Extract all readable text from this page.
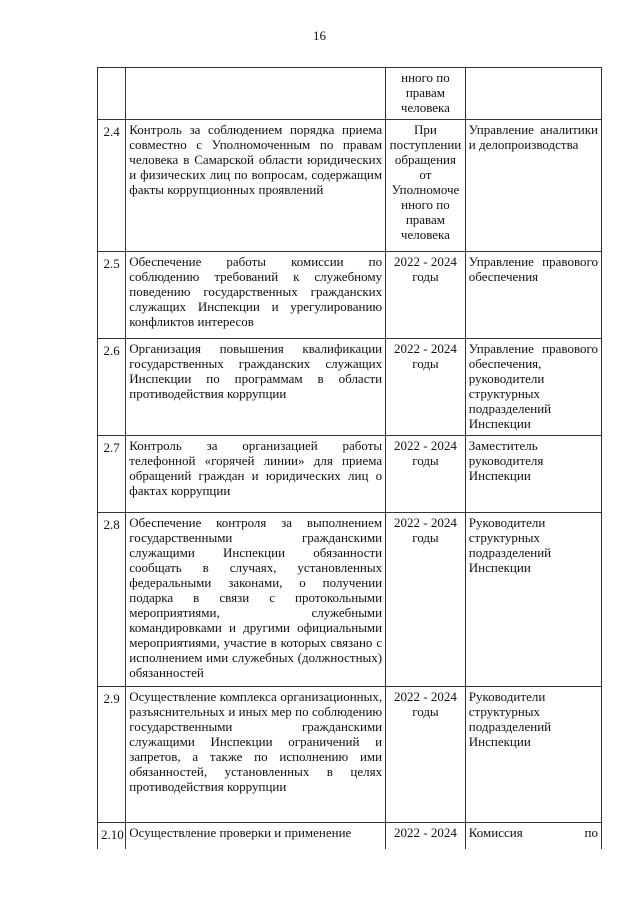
16
		нного по правам человека	
2.4	Контроль за соблюдением порядка приема совместно с Уполномоченным по правам человека в Самарской области юридических и физических лиц по вопросам, содержащим факты коррупционных проявлений	При поступлении обращения от Уполномоче нного по правам человека	Управление аналитики и делопроизводства
2.5	Обеспечение работы комиссии по соблюдению требований к служебному поведению государственных гражданских служащих Инспекции и урегулированию конфликтов интересов	2022 - 2024 годы	Управление правового обеспечения
2.6	Организация повышения квалификации государственных гражданских служащих Инспекции по программам в области противодействия коррупции	2022 - 2024 годы	Управление правового обеспечения, руководители структурных подразделений Инспекции
2.7	Контроль за организацией работы телефонной «горячей линии» для приема обращений граждан и юридических лиц о фактах коррупции	2022 - 2024 годы	Заместитель руководителя Инспекции
2.8	Обеспечение контроля за выполнением государственными гражданскими служащими Инспекции обязанности сообщать в случаях, установленных федеральными законами, о получении подарка в связи с протокольными мероприятиями, служебными командировками и другими официальными мероприятиями, участие в которых связано с исполнением ими служебных (должностных) обязанностей	2022 - 2024 годы	Руководители структурных подразделений Инспекции
2.9	Осуществление комплекса организационных, разъяснительных и иных мер по соблюдению государственными гражданскими служащими Инспекции ограничений и запретов, а также по исполнению ими обязанностей, установленных в целях противодействия коррупции	2022 - 2024 годы	Руководители структурных подразделений Инспекции
2.10	Осуществление проверки и применение	2022 - 2024	Комиссия по
